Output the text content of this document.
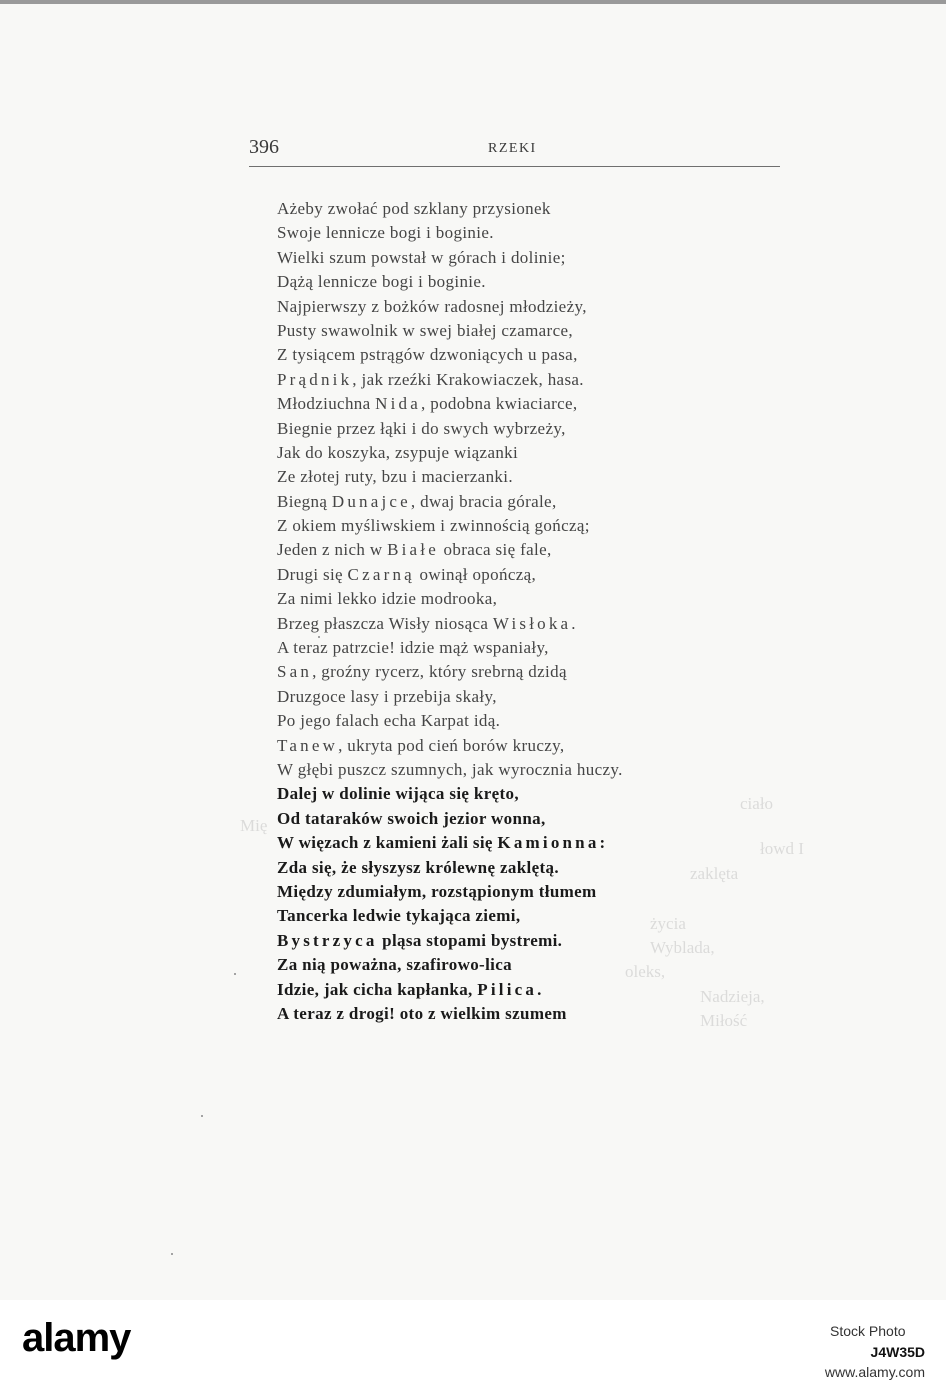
396	RZEKI
ciało
Mię
łowd I
zaklęta
życia
Wyblada,
oleks,
Nadzieja,
Miłość
Ażeby zwołać pod szklany przysionek
Swoje lennicze bogi i boginie.
Wielki szum powstał w górach i dolinie;
Dążą lennicze bogi i boginie.
Najpierwszy z bożków radosnej młodzieży,
Pusty swawolnik w swej białej czamarce,
Z tysiącem pstrągów dzwoniących u pasa,
Prądnik, jak rzeźki Krakowiaczek, hasa.
Młodziuchna Nida, podobna kwiaciarce,
Biegnie przez łąki i do swych wybrzeży,
Jak do koszyka, zsypuje wiązanki
Ze złotej ruty, bzu i macierzanki.
Biegną Dunajce, dwaj bracia górale,
Z okiem myśliwskiem i zwinnością gończą;
Jeden z nich w Białe obraca się fale,
Drugi się Czarną owinął opończą,
Za nimi lekko idzie modrooka,
Brzeg płaszcza Wisły niosąca Wisłoka.
A teraz patrzcie! idzie mąż wspaniały,
San, groźny rycerz, który srebrną dzidą
Druzgoce lasy i przebija skały,
Po jego falach echa Karpat idą.
Tanew, ukryta pod cień borów kruczy,
W głębi puszcz szumnych, jak wyrocznia huczy.
Dalej w dolinie wijąca się kręto,
Od tataraków swoich jezior wonna,
W więzach z kamieni żali się Kamionna:
Zda się, że słyszysz królewnę zaklętą.
Między zdumiałym, rozstąpionym tłumem
Tancerka ledwie tykająca ziemi,
Bystrzyca pląsa stopami bystremi.
Za nią poważna, szafirowo-lica
Idzie, jak cicha kapłanka, Pilica.
A teraz z drogi! oto z wielkim szumem
alamy	Stock Photo
J4W35D
www.alamy.com
